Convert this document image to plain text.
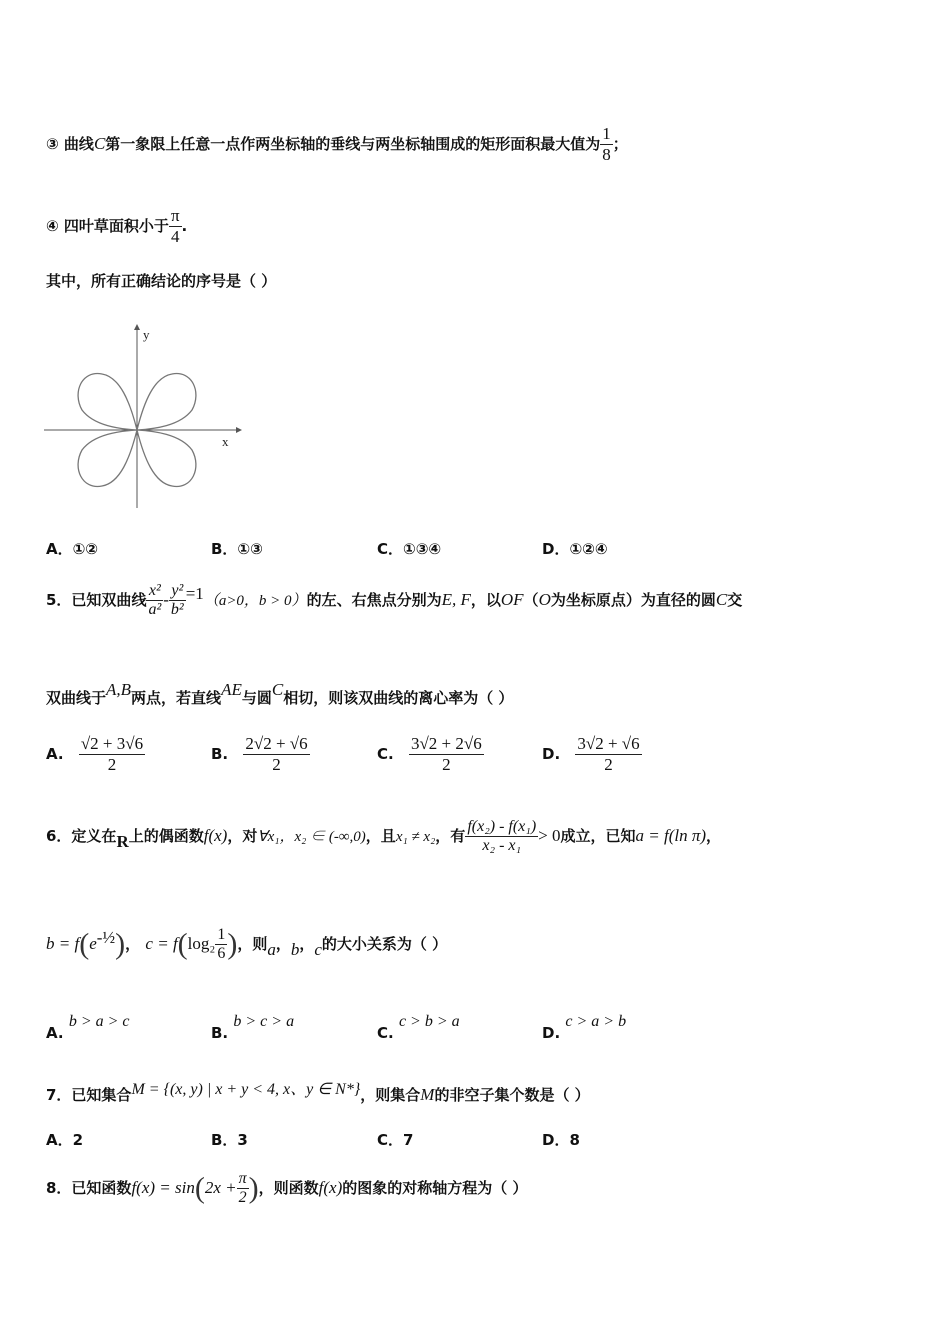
③ 曲线C第一象限上任意一点作两坐标轴的垂线与两坐标轴围成的矩形面积最大值为 $\frac{1}{8}$ ；
④ 四叶草面积小于 $\frac{\pi}{4}$ .
其中，所有正确结论的序号是（ ）
y
x
A．①②	B．①③	C．①③④	D．①②④
5．已知双曲线 $\frac{\text{x²}}{\text{a²}} - \frac{\text{y²}}{\text{b²}} =1(a>0$，b > 0）的左、右焦点分别为E, F，以OF（O为坐标原点）为直径的圆C交
双曲线于A,B两点，若直线AE与圆C相切，则该双曲线的离心率为（ ）
A. $\frac{√2 + 3√6}{2}$	B. $\frac{2√2 + √6}{2}$	C. $\frac{3√2 + 2√6}{2}$	D. $\frac{3√2 + √6}{2}$
6．定义在R上的偶函数f(x)，对∀x₁，x₂ ∈ (-∞,0)，且x₁ ≠ x₂，有 $\frac{\text{f(x₂) - f(x₁)}}{\text{x₂ - x₁}} > 0$成立，已知a = f(ln π)，
$b = f(e^{-\frac{1}{2}})$， $c = f(\log_2 \frac{1}{6}$ )，则a，b，c的大小关系为（ ）
A. b > a > c
B. b > c > a
C. c > b > a
D. c > a > b
7．已知集合M = {(x, y) | x + y < 4, x、y ∈ N*}，则集合M的非空子集个数是（ ）
A．2	B．3	C．7	D．8
8．已知函数$f(x) = \sin(2x + \frac{\pi}{2}$ )，则函数f(x)的图象的对称轴方程为（ ）
